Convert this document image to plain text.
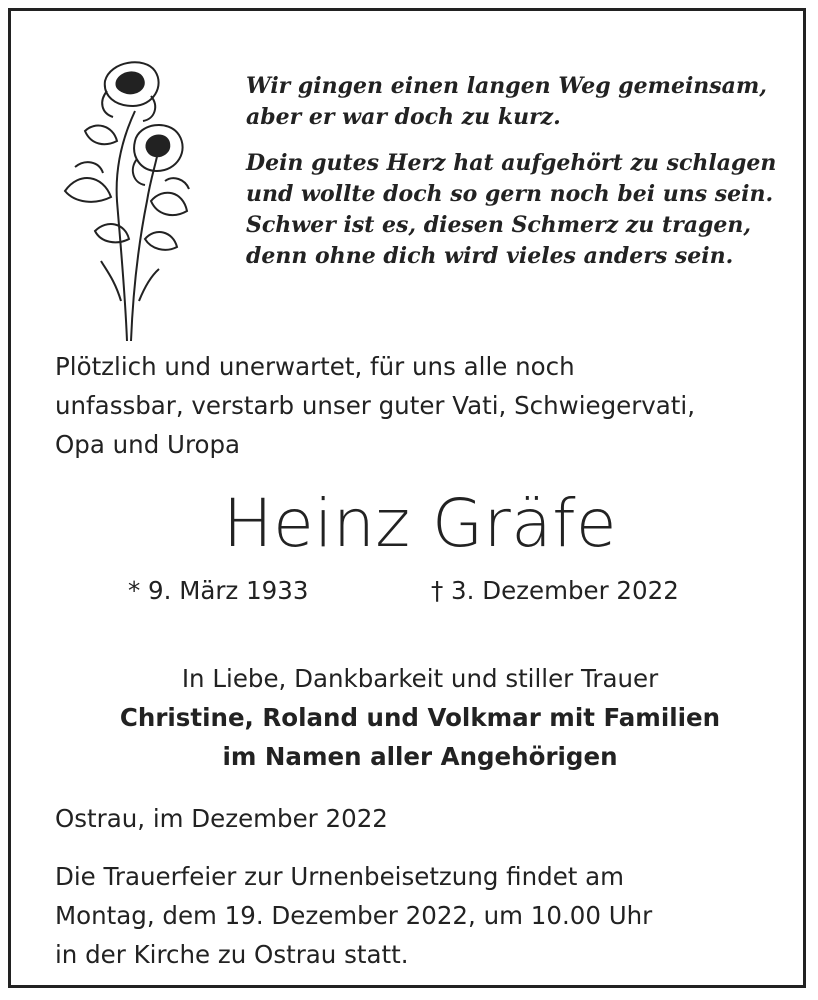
Wir gingen einen langen Weg gemeinsam,
aber er war doch zu kurz.
Dein gutes Herz hat aufgehört zu schlagen
und wollte doch so gern noch bei uns sein.
Schwer ist es, diesen Schmerz zu tragen,
denn ohne dich wird vieles anders sein.
Plötzlich und unerwartet, für uns alle noch
unfassbar, verstarb unser guter Vati, Schwiegervati,
Opa und Uropa
Heinz Gräfe
* 9. März 1933	† 3. Dezember 2022
In Liebe, Dankbarkeit und stiller Trauer
Christine, Roland und Volkmar mit Familien
im Namen aller Angehörigen
Ostrau, im Dezember 2022
Die Trauerfeier zur Urnenbeisetzung findet am
Montag, dem 19. Dezember 2022, um 10.00 Uhr
in der Kirche zu Ostrau statt.
